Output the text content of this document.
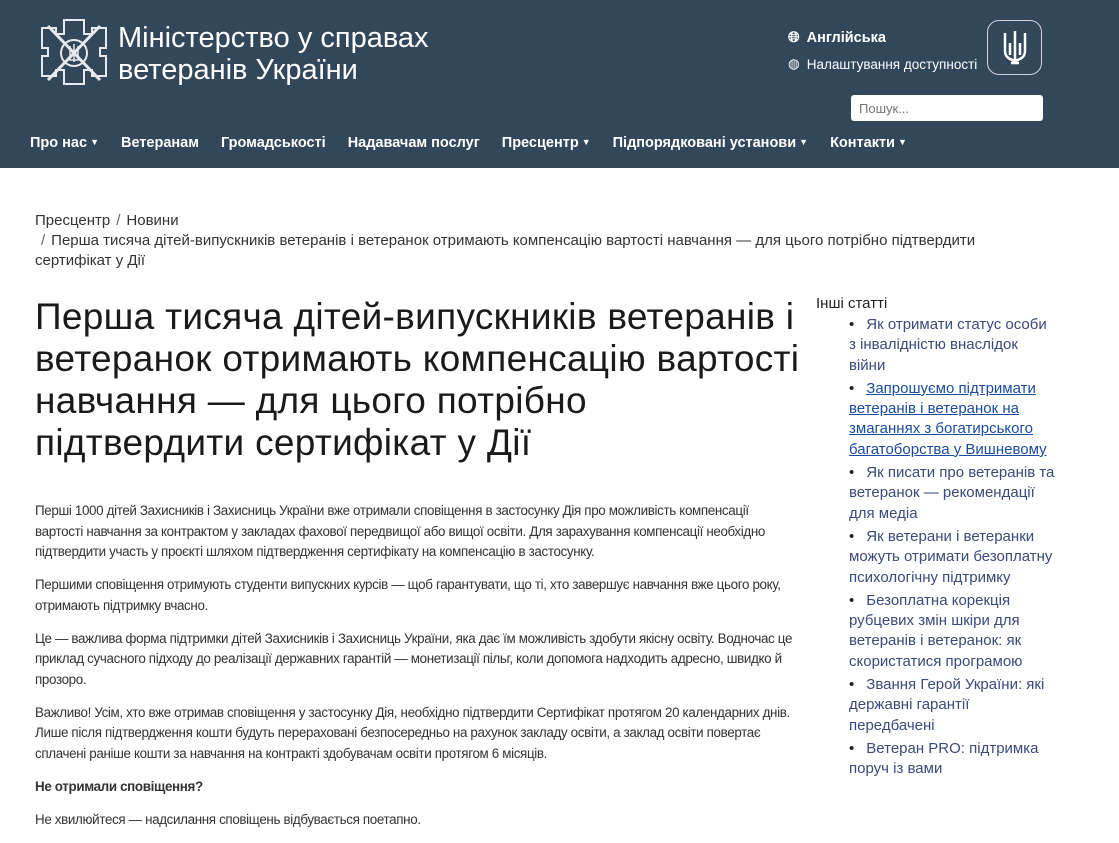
Міністерство у справах
ветеранів України
🌐︎ Англійська
◍ Налаштування доступності
Пошук...
Про нас ▼ Ветеранам Громадськості Надавачам послуг Пресцентр ▼ Підпорядковані установи ▼ Контакти ▼
Пресцентр / Новини
/ Перша тисяча дітей-випускників ветеранів і ветеранок отримають компенсацію вартості навчання — для цього потрібно підтвердити сертифікат у Дії
Перша тисяча дітей-випускників ветеранів і ветеранок отримають компенсацію вартості навчання — для цього потрібно підтвердити сертифікат у Дії

Перші 1000 дітей Захисників і Захисниць України вже отримали сповіщення в застосунку Дія про можливість компенсації вартості навчання за контрактом у закладах фахової передвищої або вищої освіти. Для зарахування компенсації необхідно підтвердити участь у проєкті шляхом підтвердження сертифікату на компенсацію в застосунку.

Першими сповіщення отримують студенти випускних курсів — щоб гарантувати, що ті, хто завершує навчання вже цього року, отримають підтримку вчасно.

Це — важлива форма підтримки дітей Захисників і Захисниць України, яка дає їм можливість здобути якісну освіту. Водночас це приклад сучасного підходу до реалізації державних гарантій — монетизації пільг, коли допомога надходить адресно, швидко й прозоро.

Важливо! Усім, хто вже отримав сповіщення у застосунку Дія, необхідно підтвердити Сертифікат протягом 20 календарних днів. Лише після підтвердження кошти будуть перераховані безпосередньо на рахунок закладу освіти, а заклад освіти повертає сплачені раніше кошти за навчання на контракті здобувачам освіти протягом 6 місяців.

Не отримали сповіщення?

Не хвилюйтеся — надсилання сповіщень відбувається поетапно.

Інші статті
• Як отримати статус особи з інвалідністю внаслідок війни
• Запрошуємо підтримати ветеранів і ветеранок на змаганнях з богатирського багатоборства у Вишневому
• Як писати про ветеранів та ветеранок — рекомендації для медіа
• Як ветерани і ветеранки можуть отримати безоплатну психологічну підтримку
• Безоплатна корекція рубцевих змін шкіри для ветеранів і ветеранок: як скористатися програмою
• Звання Герой України: які державні гарантії передбачені
• Ветеран PRO: підтримка поруч із вами
